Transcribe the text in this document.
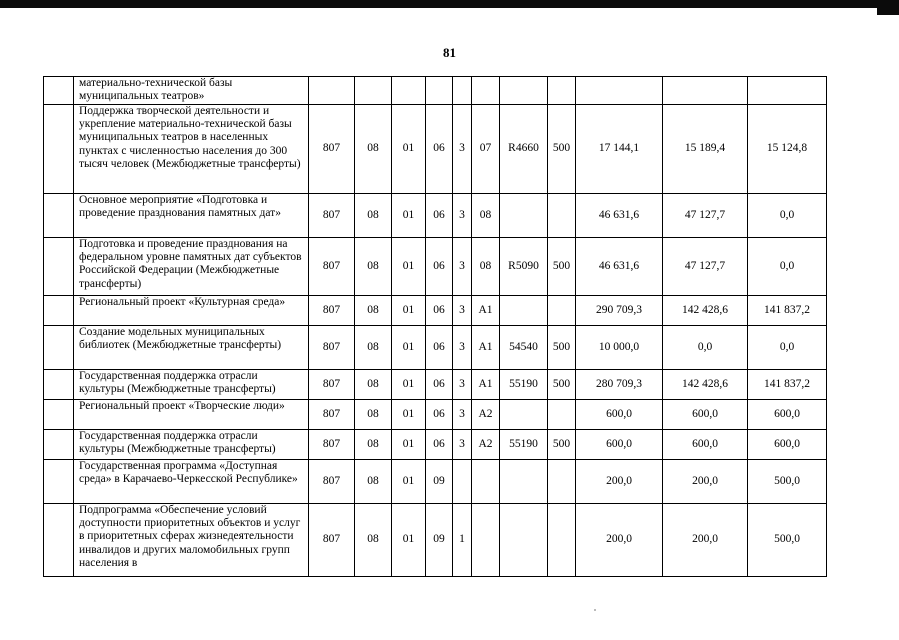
81
	материально-технической базы муниципальных театров»											
	Поддержка творческой деятельности и укрепление материально-технической базы муниципальных театров в населенных пунктах с численностью населения до 300 тысяч человек (Межбюджетные трансферты)	807	08	01	06	3	07	R4660	500	17 144,1	15 189,4	15 124,8
	Основное мероприятие «Подготовка и проведение празднования памятных дат»	807	08	01	06	3	08			46 631,6	47 127,7	0,0
	Подготовка и проведение празднования на федеральном уровне памятных дат субъектов Российской Федерации (Межбюджетные трансферты)	807	08	01	06	3	08	R5090	500	46 631,6	47 127,7	0,0
	Региональный проект «Культурная среда»	807	08	01	06	3	A1			290 709,3	142 428,6	141 837,2
	Создание модельных муниципальных библиотек (Межбюджетные трансферты)	807	08	01	06	3	A1	54540	500	10 000,0	0,0	0,0
	Государственная поддержка отрасли культуры (Межбюджетные трансферты)	807	08	01	06	3	A1	55190	500	280 709,3	142 428,6	141 837,2
	Региональный проект «Творческие люди»	807	08	01	06	3	A2			600,0	600,0	600,0
	Государственная поддержка отрасли культуры (Межбюджетные трансферты)	807	08	01	06	3	A2	55190	500	600,0	600,0	600,0
	Государственная программа «Доступная среда» в Карачаево-Черкесской Республике»	807	08	01	09					200,0	200,0	500,0
	Подпрограмма «Обеспечение условий доступности приоритетных объектов и услуг в приоритетных сферах жизнедеятельности инвалидов и других маломобильных групп населения в	807	08	01	09	1				200,0	200,0	500,0
